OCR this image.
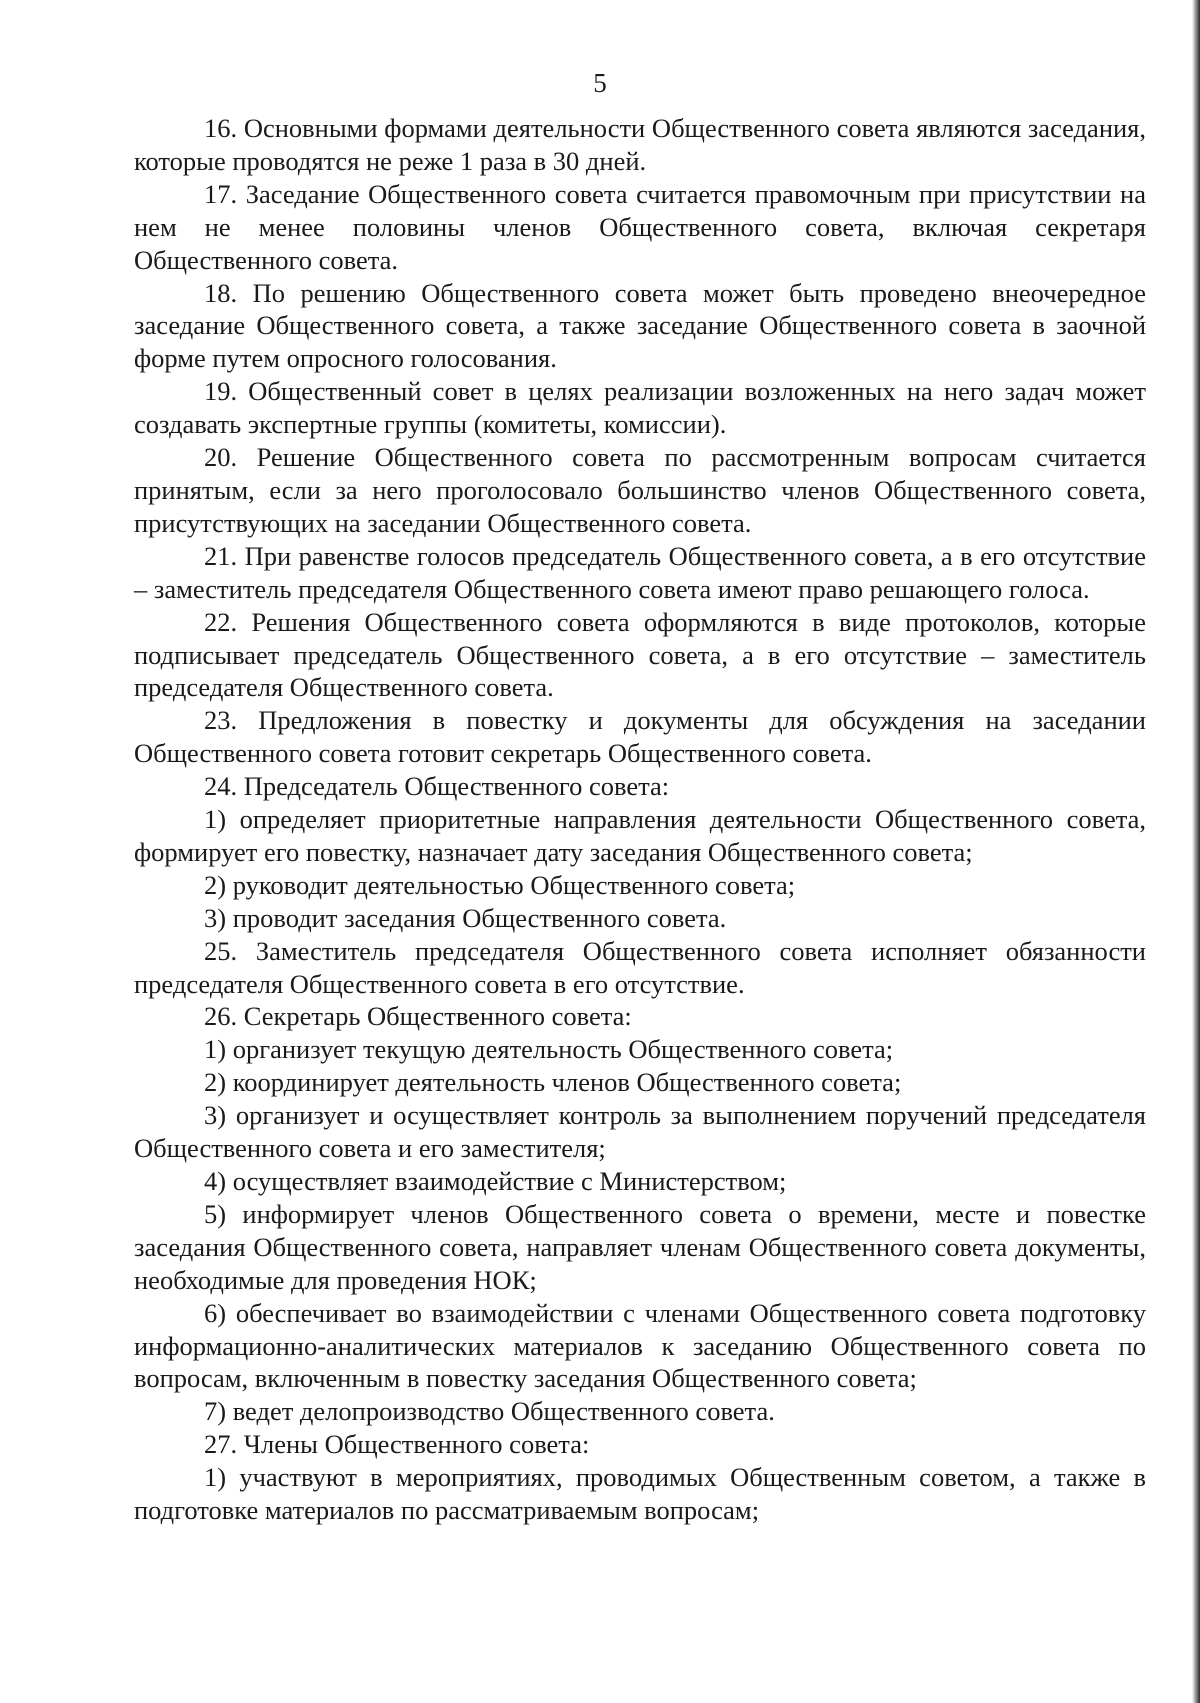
5

16. Основными формами деятельности Общественного совета являются заседания, которые проводятся не реже 1 раза в 30 дней.

17. Заседание Общественного совета считается правомочным при присутствии на нем не менее половины членов Общественного совета, включая секретаря Общественного совета.

18. По решению Общественного совета может быть проведено внеочередное заседание Общественного совета, а также заседание Общественного совета в заочной форме путем опросного голосования.

19. Общественный совет в целях реализации возложенных на него задач может создавать экспертные группы (комитеты, комиссии).

20. Решение Общественного совета по рассмотренным вопросам считается принятым, если за него проголосовало большинство членов Общественного совета, присутствующих на заседании Общественного совета.

21. При равенстве голосов председатель Общественного совета, а в его отсутствие – заместитель председателя Общественного совета имеют право решающего голоса.

22. Решения Общественного совета оформляются в виде протоколов, которые подписывает председатель Общественного совета, а в его отсутствие – заместитель председателя Общественного совета.

23. Предложения в повестку и документы для обсуждения на заседании Общественного совета готовит секретарь Общественного совета.

24. Председатель Общественного совета:

1) определяет приоритетные направления деятельности Общественного совета, формирует его повестку, назначает дату заседания Общественного совета;

2) руководит деятельностью Общественного совета;

3) проводит заседания Общественного совета.

25. Заместитель председателя Общественного совета исполняет обязанности председателя Общественного совета в его отсутствие.

26. Секретарь Общественного совета:

1) организует текущую деятельность Общественного совета;

2) координирует деятельность членов Общественного совета;

3) организует и осуществляет контроль за выполнением поручений председателя Общественного совета и его заместителя;

4) осуществляет взаимодействие с Министерством;

5) информирует членов Общественного совета о времени, месте и повестке заседания Общественного совета, направляет членам Общественного совета документы, необходимые для проведения НОК;

6) обеспечивает во взаимодействии с членами Общественного совета подготовку информационно-аналитических материалов к заседанию Общественного совета по вопросам, включенным в повестку заседания Общественного совета;

7) ведет делопроизводство Общественного совета.

27. Члены Общественного совета:

1) участвуют в мероприятиях, проводимых Общественным советом, а также в подготовке материалов по рассматриваемым вопросам;
